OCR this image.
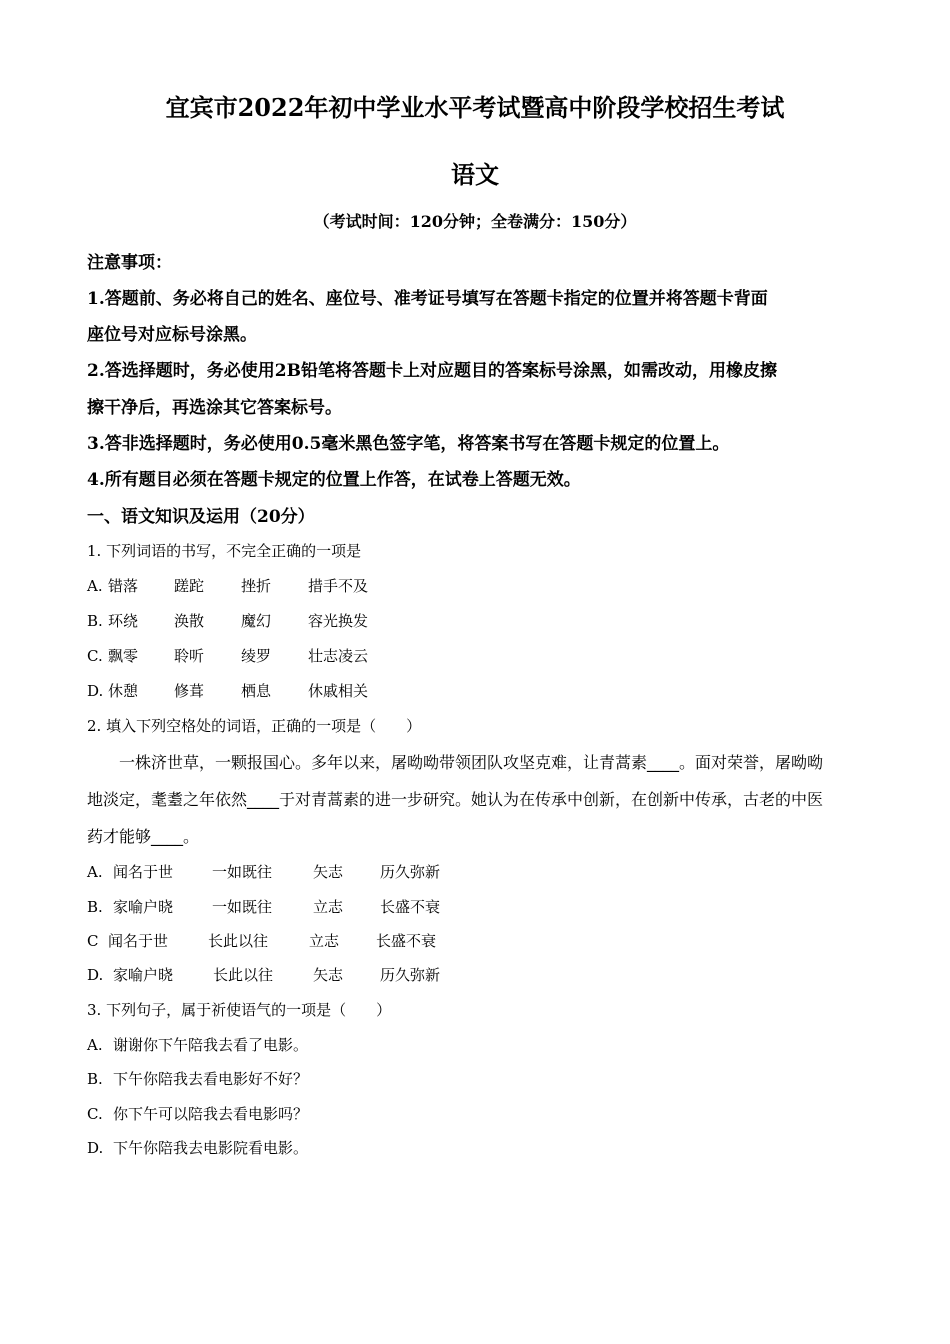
宜宾市2022年初中学业水平考试暨高中阶段学校招生考试
语文
（考试时间：120分钟；全卷满分：150分）
注意事项：
1.答题前、务必将自己的姓名、座位号、准考证号填写在答题卡指定的位置并将答题卡背面
座位号对应标号涂黑。
2.答选择题时，务必使用2B铅笔将答题卡上对应题目的答案标号涂黑，如需改动，用橡皮擦
擦干净后，再选涂其它答案标号。
3.答非选择题时，务必使用0.5毫米黑色签字笔，将答案书写在答题卡规定的位置上。
4.所有题目必须在答题卡规定的位置上作答，在试卷上答题无效。
一、语文知识及运用（20分）
1. 下列词语的书写，不完全正确的一项是
A. 错落 蹉跎 挫折 措手不及
B. 环绕 涣散 魔幻 容光换发
C. 飘零 聆听 绫罗 壮志凌云
D. 休憩 修葺 栖息 休戚相关
2. 填入下列空格处的词语，正确的一项是（　　）
一株济世草，一颗报国心。多年以来，屠呦呦带领团队攻坚克难，让青蒿素____。面对荣誉，屠呦呦
地淡定，耄耋之年依然____于对青蒿素的进一步研究。她认为在传承中创新，在创新中传承，古老的中医
药才能够____。
A. 闻名于世	一如既往	矢志 历久弥新
B. 家喻户晓	一如既往	立志 长盛不衰
C 闻名于世	长此以往	立志 长盛不衰
D. 家喻户晓	长此以往	矢志 历久弥新
3. 下列句子，属于祈使语气的一项是（　　）
A. 谢谢你下午陪我去看了电影。
B. 下午你陪我去看电影好不好？
C. 你下午可以陪我去看电影吗？
D. 下午你陪我去电影院看电影。
